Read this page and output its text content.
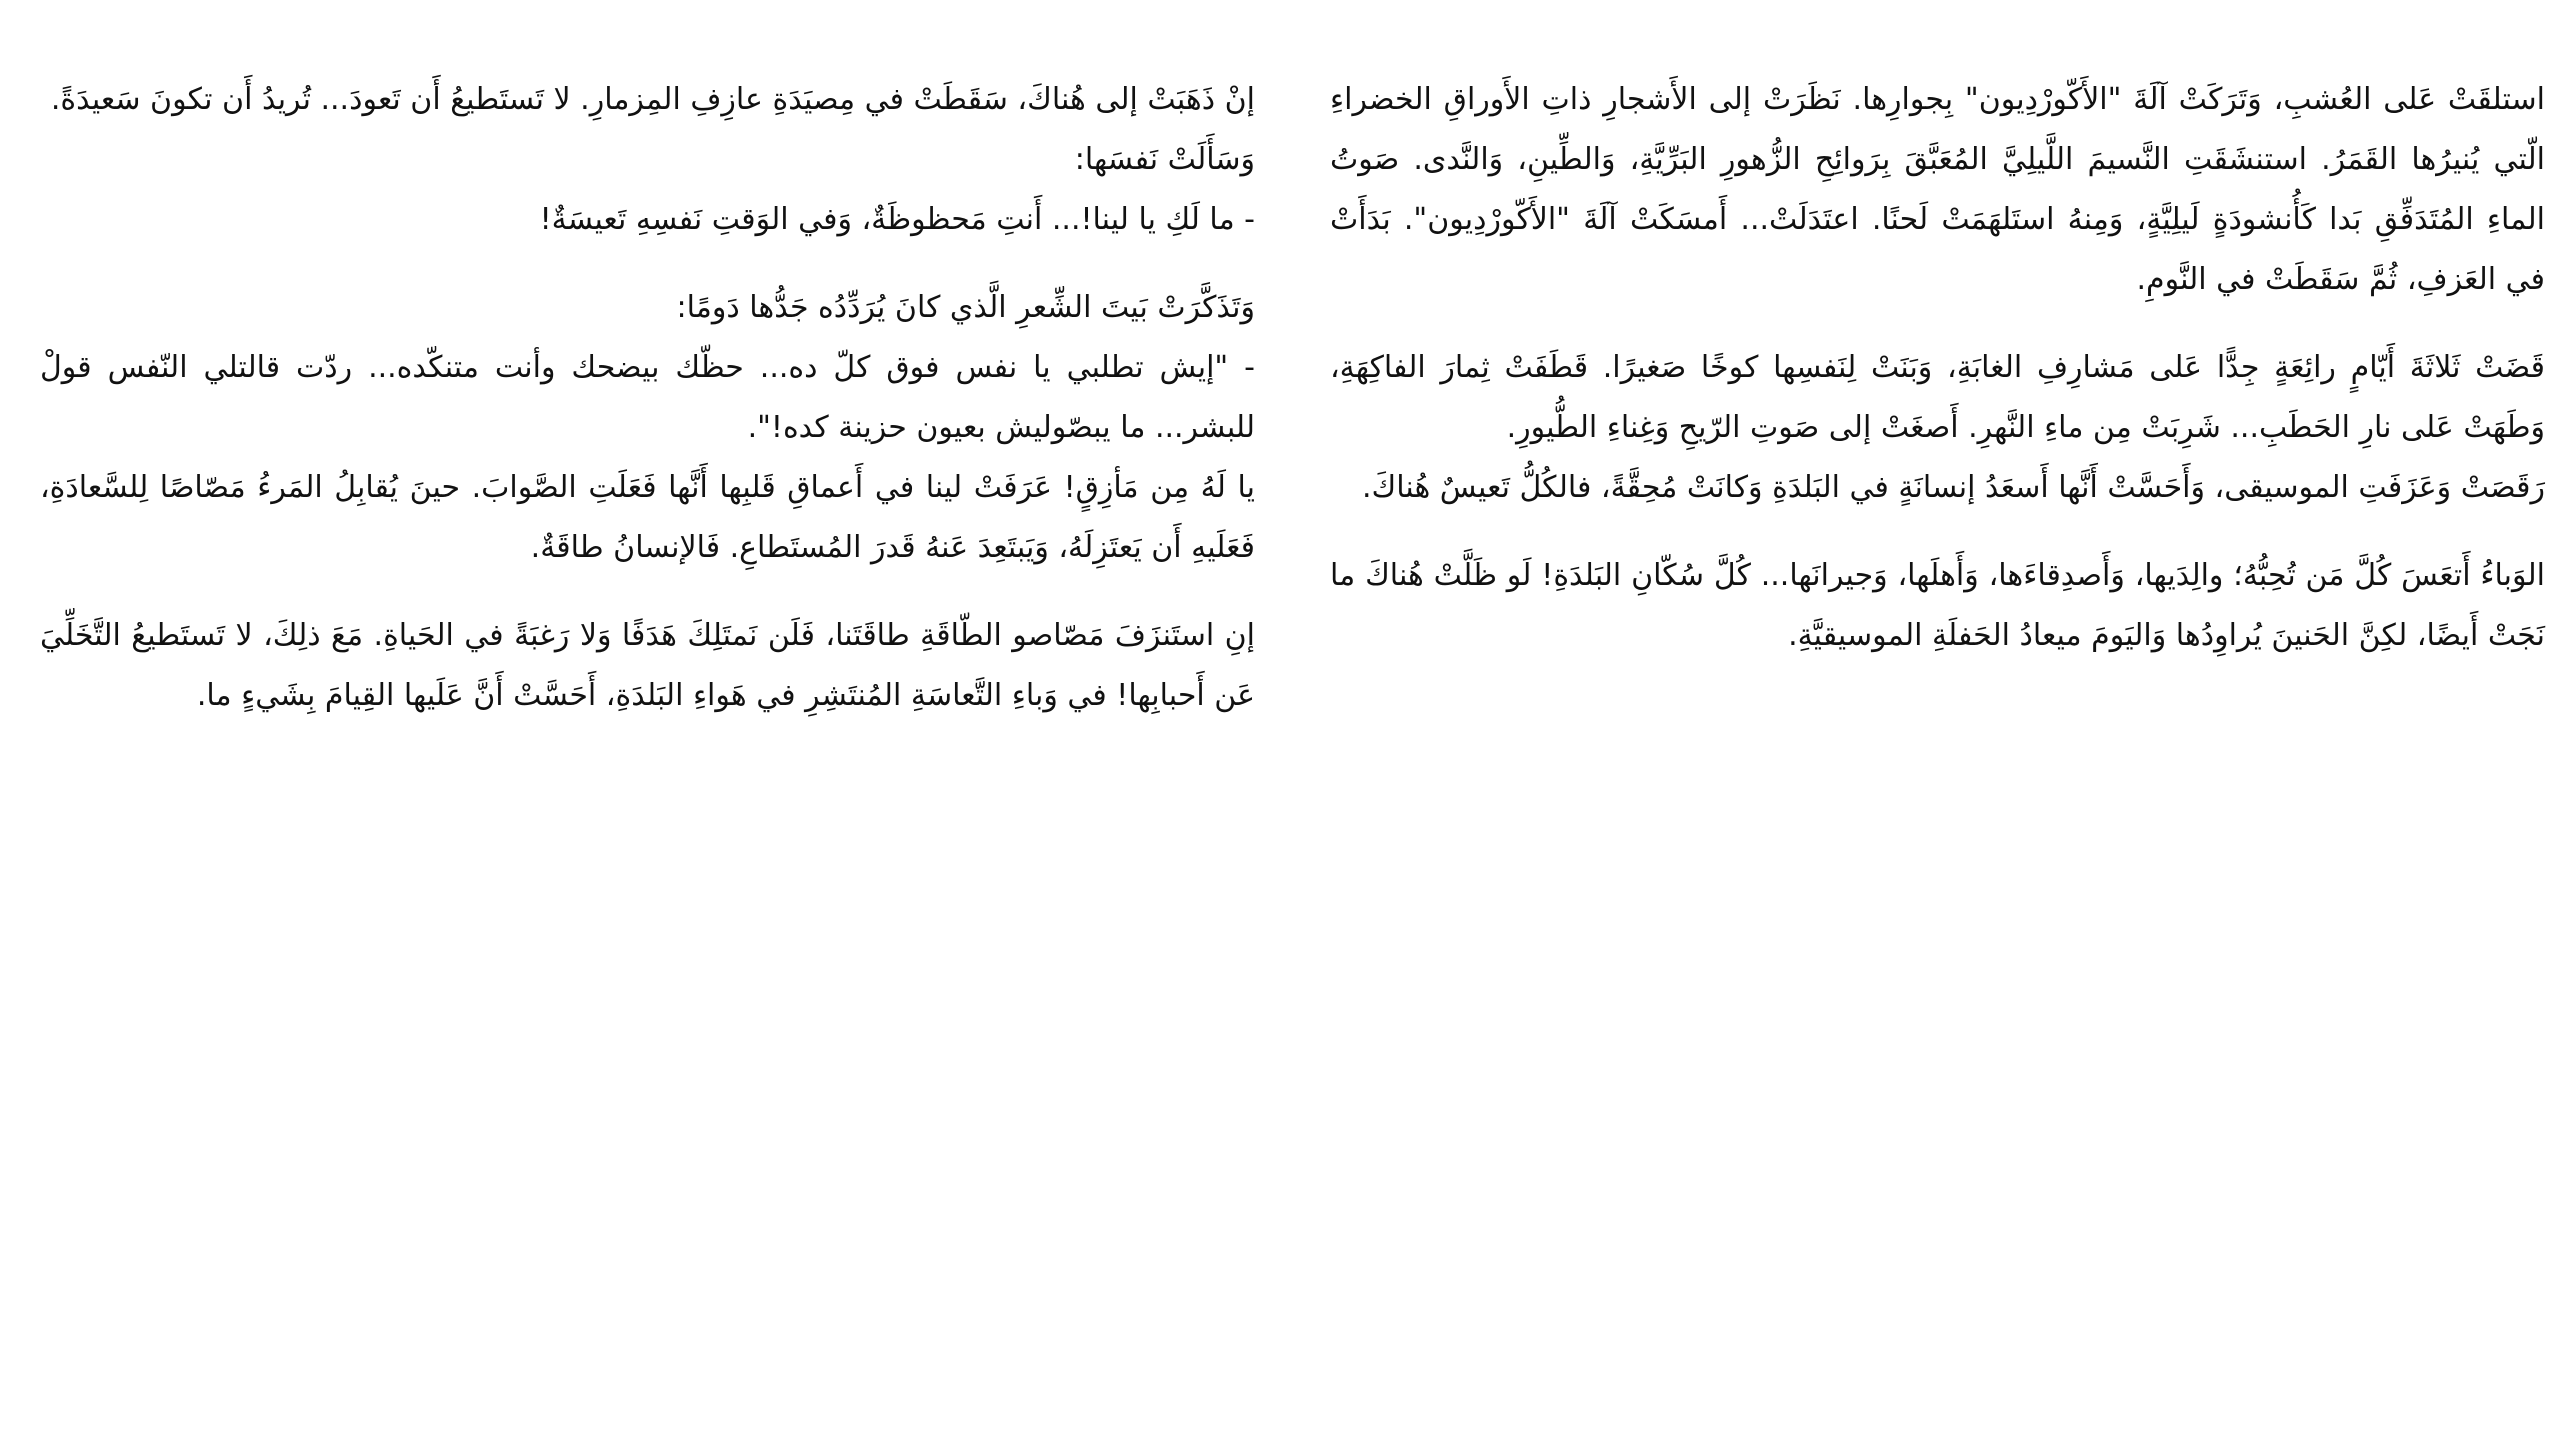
استلقَتْ عَلى العُشبِ، وَتَرَكَتْ آلَةَ "الأَكّورْدِيون" بِجوارِها. نَظَرَتْ إلى الأَشجارِ ذاتِ الأَوراقِ الخضراءِ الّتي يُنيرُها القَمَرُ. استنشَقَتِ النَّسيمَ اللَّيلِيَّ المُعَبَّقَ بِرَوائِحِ الزُّهورِ البَرِّيَّةِ، وَالطِّينِ، وَالنَّدى. صَوتُ الماءِ المُتَدَفِّقِ بَدا كَأُنشودَةٍ لَيلِيَّةٍ، وَمِنهُ استَلهَمَتْ لَحنًا. اعتَدَلَتْ... أَمسَكَتْ آلَةَ "الأَكّورْدِيون". بَدَأَتْ في العَزفِ، ثُمَّ سَقَطَتْ في النَّومِ.

قَضَتْ ثَلاثَةَ أَيّامٍ رائِعَةٍ جِدًّا عَلى مَشارِفِ الغابَةِ، وَبَنَتْ لِنَفسِها كوخًا صَغيرًا. قَطَفَتْ ثِمارَ الفاكِهَةِ، وَطَهَتْ عَلى نارِ الحَطَبِ... شَرِبَتْ مِن ماءِ النَّهرِ. أَصغَتْ إلى صَوتِ الرّيحِ وَغِناءِ الطُّيورِ.

رَقَصَتْ وَعَزَفَتِ الموسيقى، وَأَحَسَّتْ أَنَّها أَسعَدُ إنسانَةٍ في البَلدَةِ وَكانَتْ مُحِقَّةً، فالكُلُّ تَعيسٌ هُناكَ.

الوَباءُ أَتعَسَ كُلَّ مَن تُحِبُّهُ؛ والِدَيها، وَأَصدِقاءَها، وَأَهلَها، وَجيرانَها... كُلَّ سُكّانِ البَلدَةِ! لَو ظَلَّتْ هُناكَ ما نَجَتْ أَيضًا، لكِنَّ الحَنينَ يُراوِدُها وَاليَومَ ميعادُ الحَفلَةِ الموسيقيَّةِ.

إنْ ذَهَبَتْ إلى هُناكَ، سَقَطَتْ في مِصيَدَةِ عازِفِ المِزمارِ. لا تَستَطيعُ أَن تَعودَ... تُريدُ أَن تكونَ سَعيدَةً.

وَسَأَلَتْ نَفسَها:

- ما لَكِ يا لينا!... أَنتِ مَحظوظَةٌ، وَفي الوَقتِ نَفسِهِ تَعيسَةٌ!

وَتَذَكَّرَتْ بَيتَ الشِّعرِ الَّذي كانَ يُرَدِّدُه جَدُّها دَومًا:

- "إيش تطلبي يا نفس فوق كلّ ده... حظّك بيضحك وأنت متنكّده... ردّت قالتلي النّفس قولْ للبشر... ما يبصّوليش بعيون حزينة كده!".

يا لَهُ مِن مَأزِقٍ! عَرَفَتْ لينا في أَعماقِ قَلبِها أَنَّها فَعَلَتِ الصَّوابَ. حينَ يُقابِلُ المَرءُ مَصّاصًا لِلسَّعادَةِ، فَعَلَيهِ أَن يَعتَزِلَهُ، وَيَبتَعِدَ عَنهُ قَدرَ المُستَطاعِ. فَالإنسانُ طاقَةٌ.

إنِ استَنزَفَ مَصّاصو الطّاقَةِ طاقَتَنا، فَلَن نَمتَلِكَ هَدَفًا وَلا رَغبَةً في الحَياةِ. مَعَ ذلِكَ، لا تَستَطيعُ التَّخَلِّيَ عَن أَحبابِها! في وَباءِ التَّعاسَةِ المُنتَشِرِ في هَواءِ البَلدَةِ، أَحَسَّتْ أَنَّ عَلَيها القِيامَ بِشَيءٍ ما.
